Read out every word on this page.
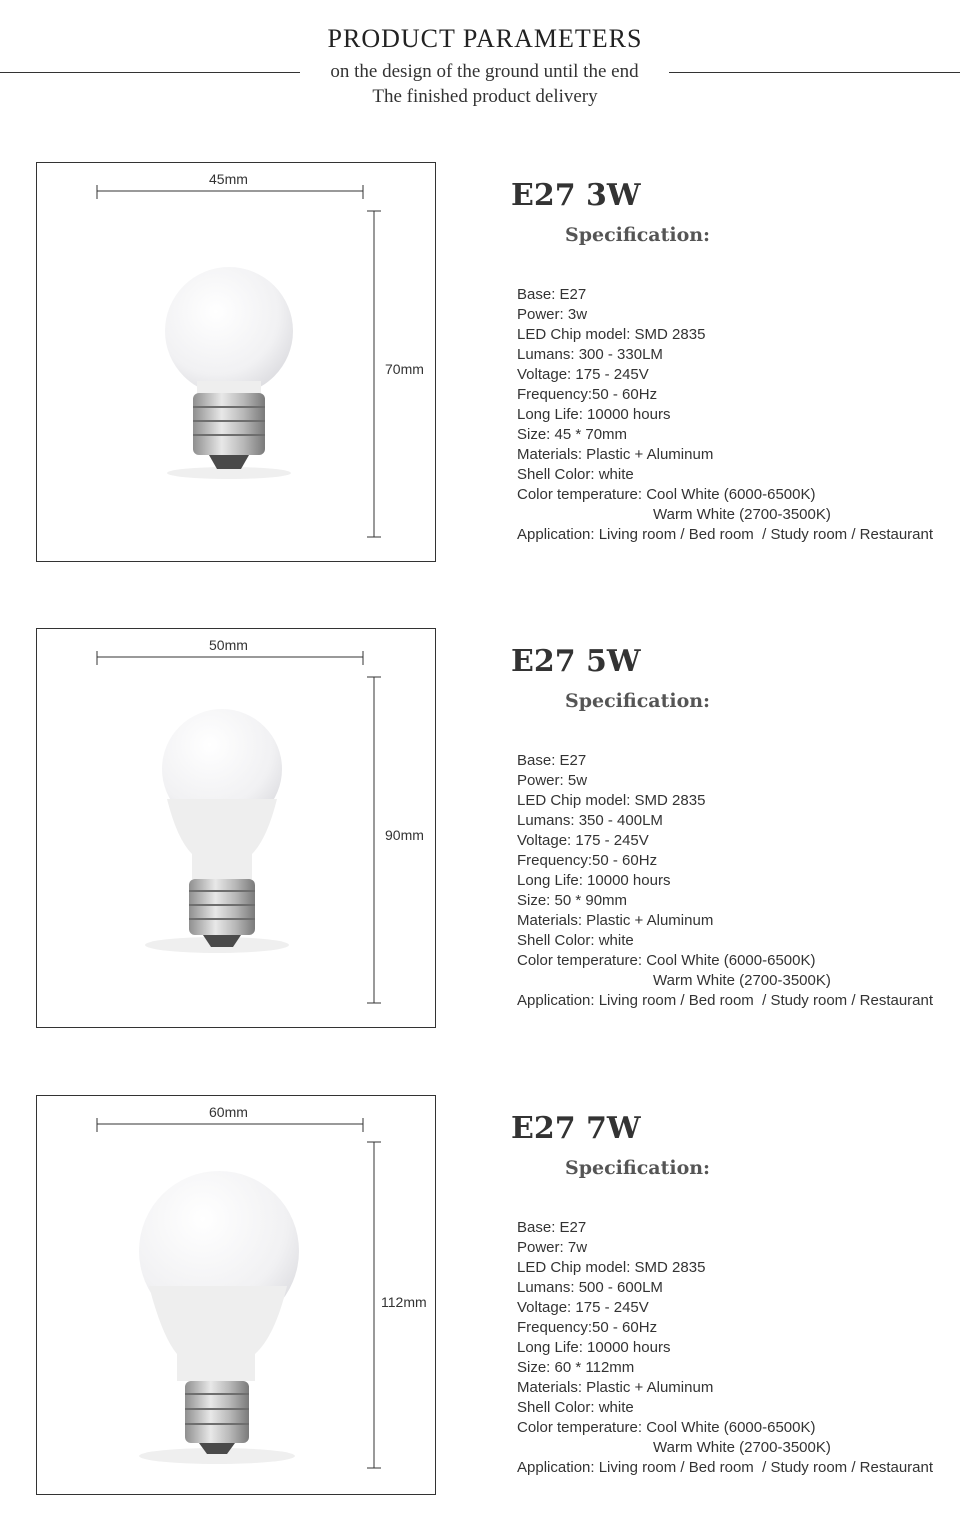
PRODUCT PARAMETERS
on the design of the ground until the end
The finished product delivery
45mm
70mm
E27 3W
Specification:
Base: E27
Power: 3w
LED Chip model: SMD 2835
Lumans: 300 - 330LM
Voltage: 175 - 245V
Frequency:50 - 60Hz
Long Life: 10000 hours
Size: 45 * 70mm
Materials: Plastic + Aluminum
Shell Color: white
Color temperature: Cool White (6000-6500K)
Warm White (2700-3500K)
Application: Living room / Bed room  / Study room / Restaurant
50mm
90mm
E27 5W
Specification:
Base: E27
Power: 5w
LED Chip model: SMD 2835
Lumans: 350 - 400LM
Voltage: 175 - 245V
Frequency:50 - 60Hz
Long Life: 10000 hours
Size: 50 * 90mm
Materials: Plastic + Aluminum
Shell Color: white
Color temperature: Cool White (6000-6500K)
Warm White (2700-3500K)
Application: Living room / Bed room  / Study room / Restaurant
60mm
112mm
E27 7W
Specification:
Base: E27
Power: 7w
LED Chip model: SMD 2835
Lumans: 500 - 600LM
Voltage: 175 - 245V
Frequency:50 - 60Hz
Long Life: 10000 hours
Size: 60 * 112mm
Materials: Plastic + Aluminum
Shell Color: white
Color temperature: Cool White (6000-6500K)
Warm White (2700-3500K)
Application: Living room / Bed room  / Study room / Restaurant
